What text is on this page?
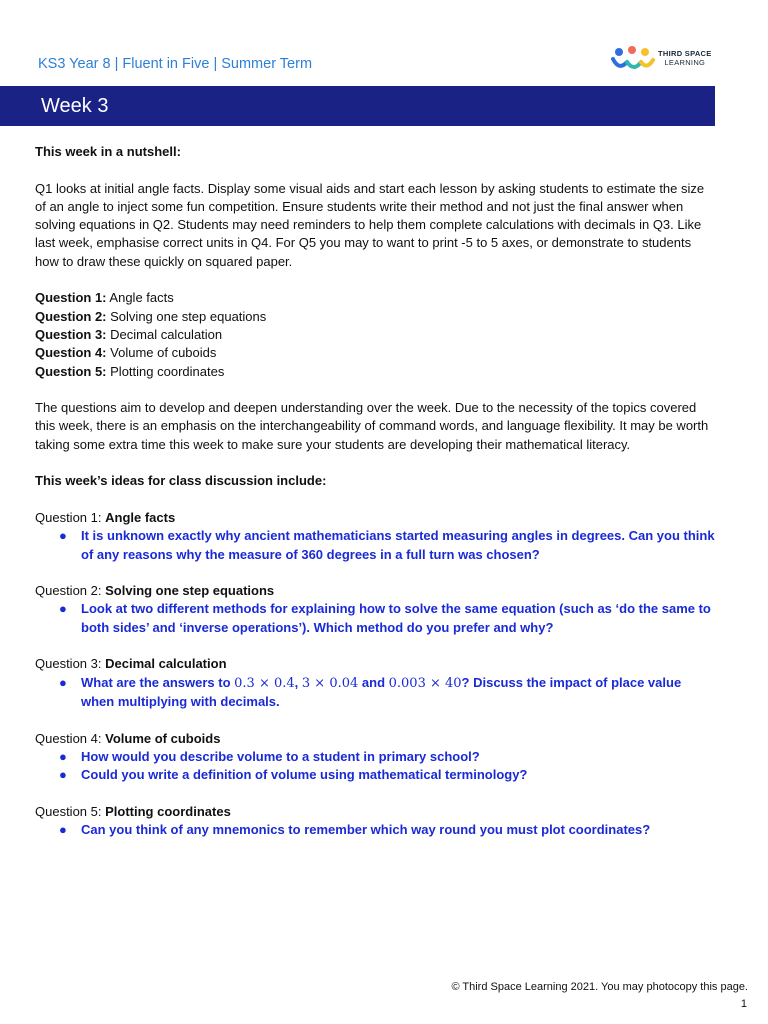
KS3 Year 8 | Fluent in Five | Summer Term
THIRD SPACE
LEARNING
Week 3

This week in a nutshell:

Q1 looks at initial angle facts. Display some visual aids and start each lesson by asking students to estimate the size of an angle to inject some fun competition. Ensure students write their method and not just the final answer when solving equations in Q2. Students may need reminders to help them complete calculations with decimals in Q3. Like last week, emphasise correct units in Q4. For Q5 you may to want to print -5 to 5 axes, or demonstrate to students how to draw these quickly on squared paper.

Question 1: Angle facts

Question 2: Solving one step equations

Question 3: Decimal calculation

Question 4: Volume of cuboids

Question 5: Plotting coordinates

The questions aim to develop and deepen understanding over the week. Due to the necessity of the topics covered this week, there is an emphasis on the interchangeability of command words, and language flexibility. It may be worth taking some extra time this week to make sure your students are developing their mathematical literacy.

This week’s ideas for class discussion include:

Question 1: Angle facts

● It is unknown exactly why ancient mathematicians started measuring angles in degrees. Can you think of any reasons why the measure of 360 degrees in a full turn was chosen?

Question 2: Solving one step equations

● Look at two different methods for explaining how to solve the same equation (such as ‘do the same to both sides’ and ‘inverse operations’). Which method do you prefer and why?

Question 3: Decimal calculation

● What are the answers to 0.3 × 0.4, 3 × 0.04 and 0.003 × 40? Discuss the impact of place value when multiplying with decimals.

Question 4: Volume of cuboids

● How would you describe volume to a student in primary school?
● Could you write a definition of volume using mathematical terminology?

Question 5: Plotting coordinates

● Can you think of any mnemonics to remember which way round you must plot coordinates?
© Third Space Learning 2021. You may photocopy this page.
1
